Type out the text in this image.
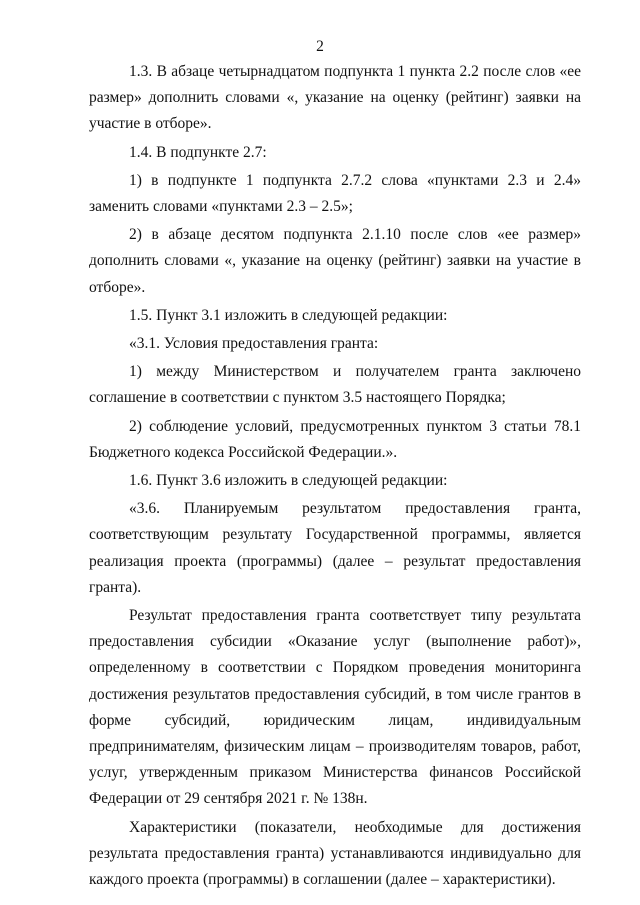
2

1.3. В абзаце четырнадцатом подпункта 1 пункта 2.2 после слов «ее размер» дополнить словами «, указание на оценку (рейтинг) заявки на участие в отборе».

1.4. В подпункте 2.7:

1) в подпункте 1 подпункта 2.7.2 слова «пунктами 2.3 и 2.4» заменить словами «пунктами 2.3 – 2.5»;

2) в абзаце десятом подпункта 2.1.10 после слов «ее размер» дополнить словами «, указание на оценку (рейтинг) заявки на участие в отборе».

1.5. Пункт 3.1 изложить в следующей редакции:

«3.1. Условия предоставления гранта:

1) между Министерством и получателем гранта заключено соглашение в соответствии с пунктом 3.5 настоящего Порядка;

2) соблюдение условий, предусмотренных пунктом 3 статьи 78.1 Бюджетного кодекса Российской Федерации.».

1.6. Пункт 3.6 изложить в следующей редакции:

«3.6. Планируемым результатом предоставления гранта, соответствующим результату Государственной программы, является реализация проекта (программы) (далее – результат предоставления гранта).

Результат предоставления гранта соответствует типу результата предоставления субсидии «Оказание услуг (выполнение работ)», определенному в соответствии с Порядком проведения мониторинга достижения результатов предоставления субсидий, в том числе грантов в форме субсидий, юридическим лицам, индивидуальным предпринимателям, физическим лицам – производителям товаров, работ, услуг, утвержденным приказом Министерства финансов Российской Федерации от 29 сентября 2021 г. № 138н.

Характеристики (показатели, необходимые для достижения результата предоставления гранта) устанавливаются индивидуально для каждого проекта (программы) в соглашении (далее – характеристики).
